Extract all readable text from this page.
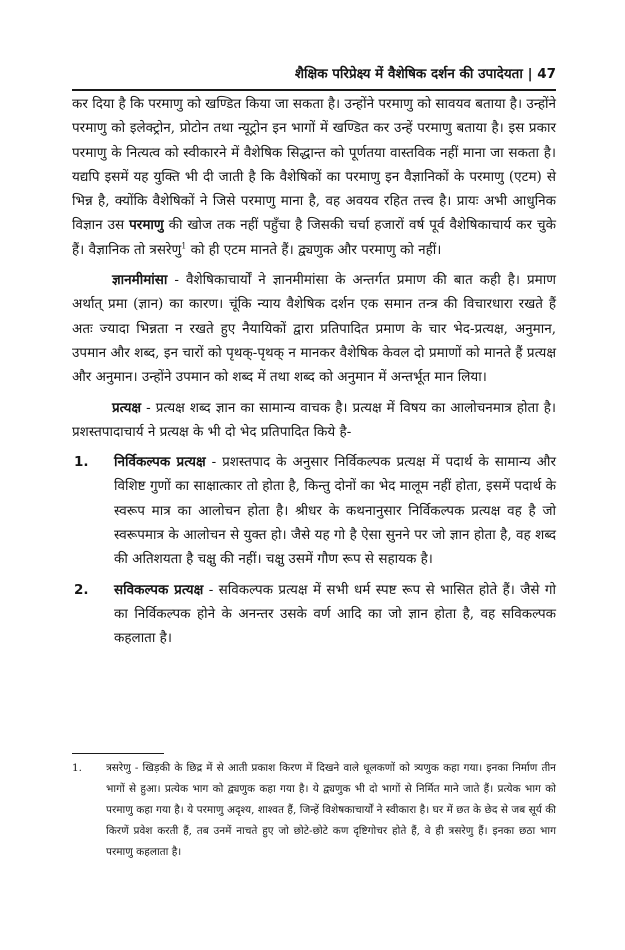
शैक्षिक परिप्रेक्ष्य में वैशेषिक दर्शन की उपादेयता | 47

कर दिया है कि परमाणु को खण्डित किया जा सकता है। उन्होंने परमाणु को सावयव बताया है। उन्होंने परमाणु को इलेक्ट्रोन, प्रोटोन तथा न्यूट्रोन इन भागों में खण्डित कर उन्हें परमाणु बताया है। इस प्रकार परमाणु के नित्यत्व को स्वीकारने में वैशेषिक सिद्धान्त को पूर्णतया वास्तविक नहीं माना जा सकता है। यद्यपि इसमें यह युक्ति भी दी जाती है कि वैशेषिकों का परमाणु इन वैज्ञानिकों के परमाणु (एटम) से भिन्न है, क्योंकि वैशेषिकों ने जिसे परमाणु माना है, वह अवयव रहित तत्त्व है। प्रायः अभी आधुनिक विज्ञान उस परमाणु की खोज तक नहीं पहुँचा है जिसकी चर्चा हजारों वर्ष पूर्व वैशेषिकाचार्य कर चुके हैं। वैज्ञानिक तो त्रसरेणु$^1$ को ही एटम मानते हैं। द्व्यणुक और परमाणु को नहीं।

ज्ञानमीमांसा - वैशेषिकाचार्यों ने ज्ञानमीमांसा के अन्तर्गत प्रमाण की बात कही है। प्रमाण अर्थात् प्रमा (ज्ञान) का कारण। चूंकि न्याय वैशेषिक दर्शन एक समान तन्त्र की विचारधारा रखते हैं अतः ज्यादा भिन्नता न रखते हुए नैयायिकों द्वारा प्रतिपादित प्रमाण के चार भेद-प्रत्यक्ष, अनुमान, उपमान और शब्द, इन चारों को पृथक्-पृथक् न मानकर वैशेषिक केवल दो प्रमाणों को मानते हैं प्रत्यक्ष और अनुमान। उन्होंने उपमान को शब्द में तथा शब्द को अनुमान में अन्तर्भूत मान लिया।

प्रत्यक्ष - प्रत्यक्ष शब्द ज्ञान का सामान्य वाचक है। प्रत्यक्ष में विषय का आलोचनमात्र होता है। प्रशस्तपादाचार्य ने प्रत्यक्ष के भी दो भेद प्रतिपादित किये है-

1. निर्विकल्पक प्रत्यक्ष - प्रशस्तपाद के अनुसार निर्विकल्पक प्रत्यक्ष में पदार्थ के सामान्य और विशिष्ट गुणों का साक्षात्कार तो होता है, किन्तु दोनों का भेद मालूम नहीं होता, इसमें पदार्थ के स्वरूप मात्र का आलोचन होता है। श्रीधर के कथनानुसार निर्विकल्पक प्रत्यक्ष वह है जो स्वरूपमात्र के आलोचन से युक्त हो। जैसे यह गो है ऐसा सुनने पर जो ज्ञान होता है, वह शब्द की अतिशयता है चक्षु की नहीं। चक्षु उसमें गौण रूप से सहायक है।

2. सविकल्पक प्रत्यक्ष - सविकल्पक प्रत्यक्ष में सभी धर्म स्पष्ट रूप से भासित होते हैं। जैसे गो का निर्विकल्पक होने के अनन्तर उसके वर्ण आदि का जो ज्ञान होता है, वह सविकल्पक कहलाता है।

1. त्रसरेणु - खिड़की के छिद्र में से आती प्रकाश किरण में दिखने वाले धूलकणों को त्र्यणुक कहा गया। इनका निर्माण तीन भागों से हुआ। प्रत्येक भाग को द्व्यणुक कहा गया है। ये द्व्यणुक भी दो भागों से निर्मित माने जाते हैं। प्रत्येक भाग को परमाणु कहा गया है। ये परमाणु अदृश्य, शाश्वत हैं, जिन्हें विशेषकाचार्यों ने स्वीकारा है। घर में छत के छेद से जब सूर्य की किरणें प्रवेश करती हैं, तब उनमें नाचते हुए जो छोटे-छोटे कण दृष्टिगोचर होते हैं, वे ही त्रसरेणु हैं। इनका छठा भाग परमाणु कहलाता है।
